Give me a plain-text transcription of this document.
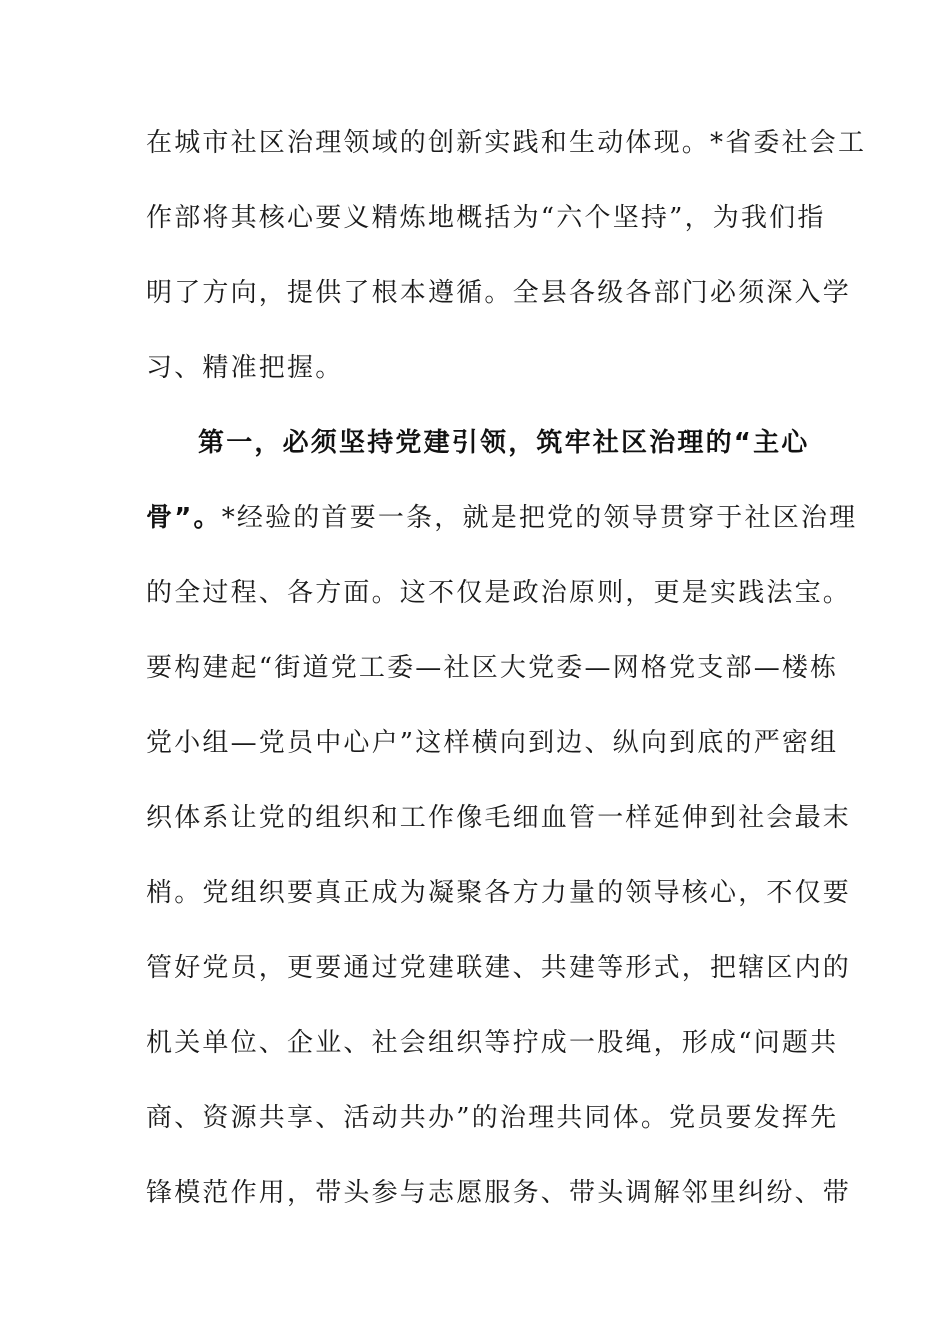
在城市社区治理领域的创新实践和生动体现。*省委社会工
作部将其核心要义精炼地概括为“六个坚持”，为我们指
明了方向，提供了根本遵循。全县各级各部门必须深入学
习、精准把握。
第一，必须坚持党建引领，筑牢社区治理的“主心
骨”。*经验的首要一条，就是把党的领导贯穿于社区治理
的全过程、各方面。这不仅是政治原则，更是实践法宝。
要构建起“街道党工委—社区大党委—网格党支部—楼栋
党小组—党员中心户”这样横向到边、纵向到底的严密组
织体系让党的组织和工作像毛细血管一样延伸到社会最末
梢。党组织要真正成为凝聚各方力量的领导核心，不仅要
管好党员，更要通过党建联建、共建等形式，把辖区内的
机关单位、企业、社会组织等拧成一股绳，形成“问题共
商、资源共享、活动共办”的治理共同体。党员要发挥先
锋模范作用，带头参与志愿服务、带头调解邻里纠纷、带
